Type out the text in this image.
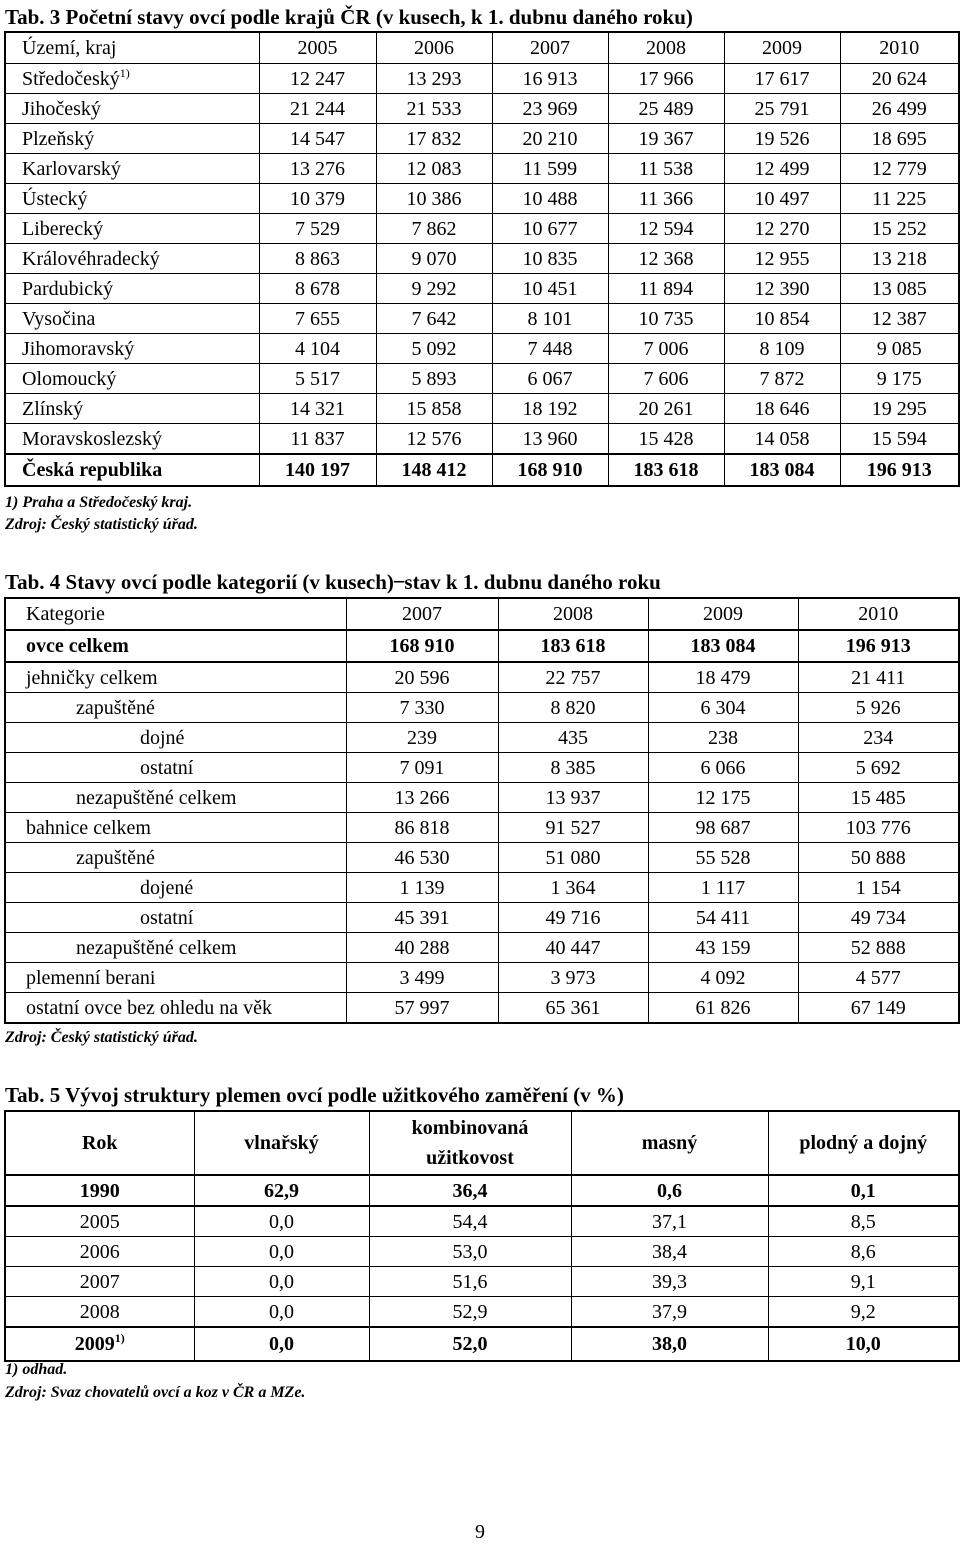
Tab. 3 Početní stavy ovcí podle krajů ČR (v kusech, k 1. dubnu daného roku)
Území, kraj	2005	2006	2007	2008	2009	2010
Středočeský$^{1)}$	12 247	13 293	16 913	17 966	17 617	20 624
Jihočeský	21 244	21 533	23 969	25 489	25 791	26 499
Plzeňský	14 547	17 832	20 210	19 367	19 526	18 695
Karlovarský	13 276	12 083	11 599	11 538	12 499	12 779
Ústecký	10 379	10 386	10 488	11 366	10 497	11 225
Liberecký	7 529	7 862	10 677	12 594	12 270	15 252
Královéhradecký	8 863	9 070	10 835	12 368	12 955	13 218
Pardubický	8 678	9 292	10 451	11 894	12 390	13 085
Vysočina	7 655	7 642	8 101	10 735	10 854	12 387
Jihomoravský	4 104	5 092	7 448	7 006	8 109	9 085
Olomoucký	5 517	5 893	6 067	7 606	7 872	9 175
Zlínský	14 321	15 858	18 192	20 261	18 646	19 295
Moravskoslezský	11 837	12 576	13 960	15 428	14 058	15 594
Česká republika	140 197	148 412	168 910	183 618	183 084	196 913
1) Praha a Středočeský kraj.
Zdroj: Český statistický úřad.
Tab. 4 Stavy ovcí podle kategorií (v kusech) ̶ stav k 1. dubnu daného roku
Kategorie	2007	2008	2009	2010
ovce celkem	168 910	183 618	183 084	196 913
jehničky celkem	20 596	22 757	18 479	21 411
zapuštěné	7 330	8 820	6 304	5 926
dojné	239	435	238	234
ostatní	7 091	8 385	6 066	5 692
nezapuštěné celkem	13 266	13 937	12 175	15 485
bahnice celkem	86 818	91 527	98 687	103 776
zapuštěné	46 530	51 080	55 528	50 888
dojené	1 139	1 364	1 117	1 154
ostatní	45 391	49 716	54 411	49 734
nezapuštěné celkem	40 288	40 447	43 159	52 888
plemenní berani	3 499	3 973	4 092	4 577
ostatní ovce bez ohledu na věk	57 997	65 361	61 826	67 149
Zdroj: Český statistický úřad.
Tab. 5 Vývoj struktury plemen ovcí podle užitkového zaměření (v %)
Rok	vlnařský	kombinovaná užitkovost	masný	plodný a dojný
1990	62,9	36,4	0,6	0,1
2005	0,0	54,4	37,1	8,5
2006	0,0	53,0	38,4	8,6
2007	0,0	51,6	39,3	9,1
2008	0,0	52,9	37,9	9,2
2009$^{1)}$	0,0	52,0	38,0	10,0
1) odhad.
Zdroj: Svaz chovatelů ovcí a koz v ČR a MZe.
9
